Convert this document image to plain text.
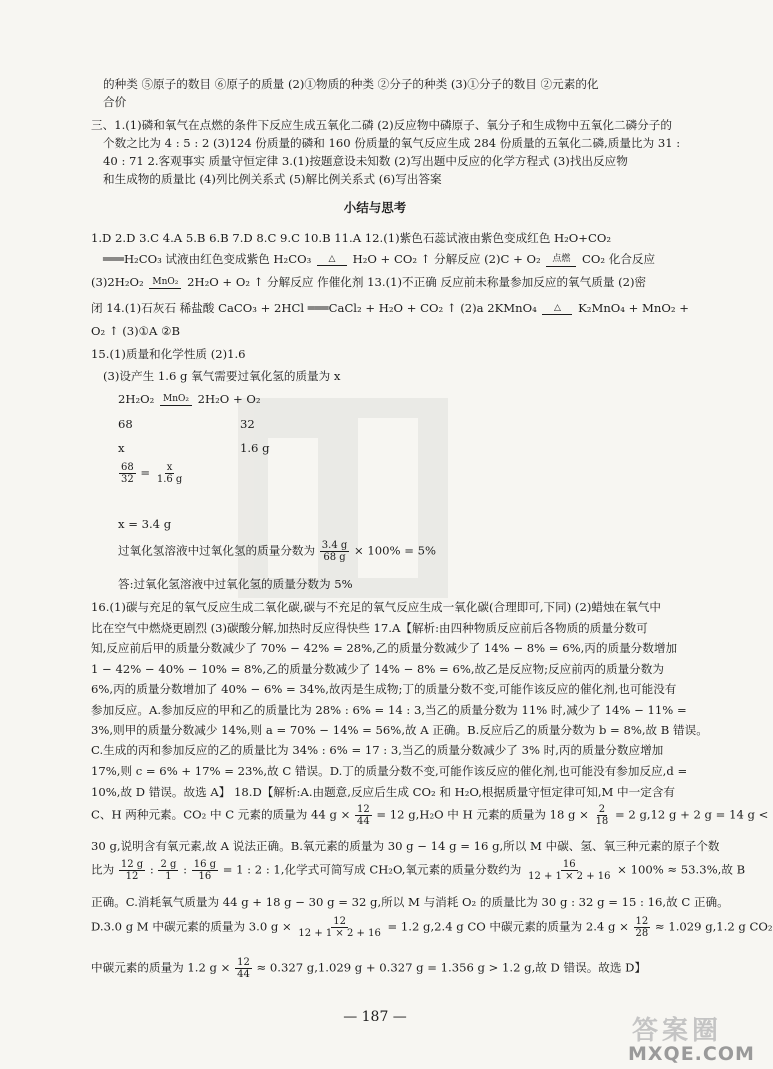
的种类 ⑤原子的数目 ⑥原子的质量 (2)①物质的种类 ②分子的种类 (3)①分子的数目 ②元素的化
合价
三、1.(1)磷和氧气在点燃的条件下反应生成五氧化二磷 (2)反应物中磷原子、氧分子和生成物中五氧化二磷分子的
个数之比为 4 : 5 : 2 (3)124 份质量的磷和 160 份质量的氧气反应生成 284 份质量的五氧化二磷,质量比为 31 :
40 : 71 2.客观事实 质量守恒定律 3.(1)按题意设未知数 (2)写出题中反应的化学方程式 (3)找出反应物
和生成物的质量比 (4)列比例关系式 (5)解比例关系式 (6)写出答案
小结与思考
1.D 2.D 3.C 4.A 5.B 6.B 7.D 8.C 9.C 10.B 11.A 12.(1)紫色石蕊试液由紫色变成红色 H₂O+CO₂
═══H₂CO₃ 试液由红色变成紫色 H₂CO₃	△ H₂O + CO₂ ↑ 分解反应 (2)C + O₂	点燃 CO₂ 化合反应
(3)2H₂O₂ MnO₂ 2H₂O + O₂ ↑ 分解反应 作催化剂 13.(1)不正确 反应前未称量参加反应的氧气质量 (2)密
闭 14.(1)石灰石 稀盐酸 CaCO₃ + 2HCl ═══CaCl₂ + H₂O + CO₂ ↑ (2)a 2KMnO₄	△ K₂MnO₄ + MnO₂ +
O₂ ↑ (3)①A ②B
15.(1)质量和化学性质 (2)1.6
(3)设产生 1.6 g 氧气需要过氧化氢的质量为 x
2H₂O₂ MnO₂ 2H₂O + O₂
68	32
x	1.6 g
$\frac{68}{32} = \frac{x}{1.6 g}$
x = 3.4 g
过氧化氢溶液中过氧化氢的质量分数为 $\frac{3.4 g}{68 g} \times 100\% = 5\%$
答:过氧化氢溶液中过氧化氢的质量分数为 5%
16.(1)碳与充足的氧气反应生成二氧化碳,碳与不充足的氧气反应生成一氧化碳(合理即可,下同) (2)蜡烛在氧气中
比在空气中燃烧更剧烈 (3)碳酸分解,加热时反应得快些 17.A【解析:由四种物质反应前后各物质的质量分数可
知,反应前后甲的质量分数减少了 70% − 42% = 28%,乙的质量分数减少了 14% − 8% = 6%,丙的质量分数增加
1 − 42% − 40% − 10% = 8%,乙的质量分数减少了 14% − 8% = 6%,故乙是反应物;反应前丙的质量分数为
6%,丙的质量分数增加了 40% − 6% = 34%,故丙是生成物;丁的质量分数不变,可能作该反应的催化剂,也可能没有
参加反应。A.参加反应的甲和乙的质量比为 28% : 6% = 14 : 3,当乙的质量分数为 11% 时,减少了 14% − 11% =
3%,则甲的质量分数减少 14%,则 a = 70% − 14% = 56%,故 A 正确。B.反应后乙的质量分数为 b = 8%,故 B 错误。
C.生成的丙和参加反应的乙的质量比为 34% : 6% = 17 : 3,当乙的质量分数减少了 3% 时,丙的质量分数应增加
17%,则 c = 6% + 17% = 23%,故 C 错误。D.丁的质量分数不变,可能作该反应的催化剂,也可能没有参加反应,d =
10%,故 D 错误。故选 A】 18.D【解析:A.由题意,反应后生成 CO₂ 和 H₂O,根据质量守恒定律可知,M 中一定含有
C、H 两种元素。CO₂ 中 C 元素的质量为 44 $g \times \frac{12}{44} = 12$ g,H₂O 中 H 元素的质量为 18 $g \times \frac{2}{18} = 2$ g,12 g + 2 g = 14 g <
30 g,说明含有氧元素,故 A 说法正确。B.氧元素的质量为 30 g − 14 g = 16 g,所以 M 中碳、氢、氧三种元素的原子个数
比为 $\frac{12 g}{12}$ : $\frac{2 g}{1}$ : $\frac{16 g}{16} = 1$ : 2 : 1,化学式可简写成 CH₂O,氧元素的质量分数约为 $\frac{16}{12 + 1 \times 2 + 16} \times 100\% \approx 53.3\%$,故 B
正确。C.消耗氧气质量为 44 g + 18 g − 30 g = 32 g,所以 M 与消耗 O₂ 的质量比为 30 g : 32 g = 15 : 16,故 C 正确。
D.3.0 g M 中碳元素的质量为 3.0 $g \times \frac{12}{12 + 1 \times 2 + 16} = 1.2$ g,2.4 g CO 中碳元素的质量为 2.4 $g \times \frac{12}{28} \approx 1.029$ g,1.2 g CO₂
中碳元素的质量为 1.2 $g \times \frac{12}{44} \approx 0.327$ g,1.029 g + 0.327 g = 1.356 g > 1.2 g,故 D 错误。故选 D】
— 187 —	答案圈
MXQE.COM
